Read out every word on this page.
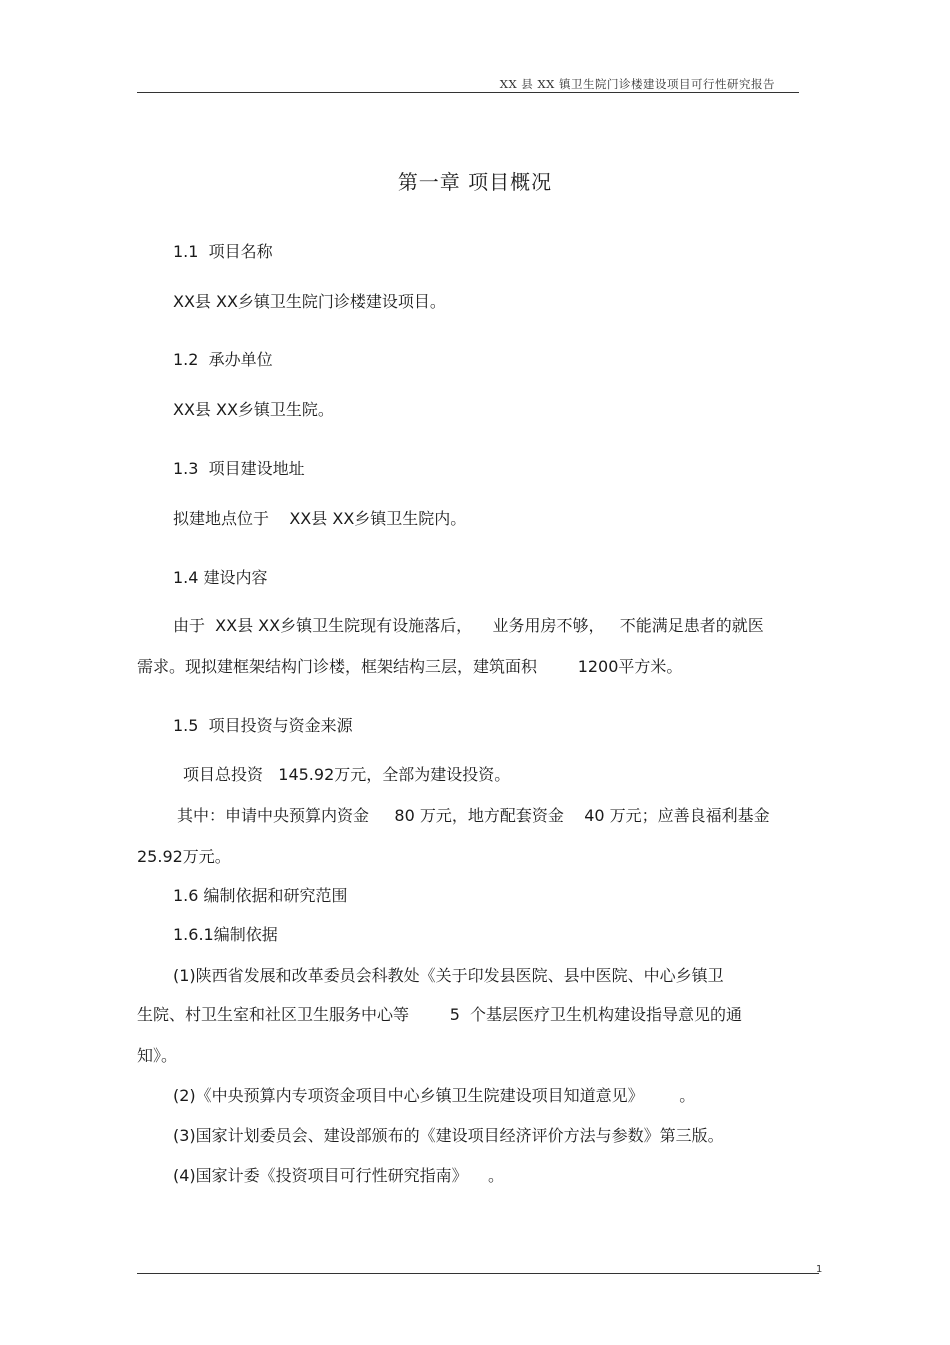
XX 县 XX 镇卫生院门诊楼建设项目可行性研究报告
第一章 项目概况

1.1  项目名称

XX县 XX乡镇卫生院门诊楼建设项目。

1.2  承办单位

XX县 XX乡镇卫生院。

1.3  项目建设地址

拟建地点位于    XX县 XX乡镇卫生院内。

1.4 建设内容

由于  XX县 XX乡镇卫生院现有设施落后，    业务用房不够，   不能满足患者的就医

需求。现拟建框架结构门诊楼，框架结构三层，建筑面积        1200平方米。

1.5  项目投资与资金来源

项目总投资   145.92万元，全部为建设投资。

其中：申请中央预算内资金     80 万元，地方配套资金    40 万元；应善良福利基金

25.92万元。

1.6 编制依据和研究范围

1.6.1编制依据

(1)陕西省发展和改革委员会科教处《关于印发县医院、县中医院、中心乡镇卫

生院、村卫生室和社区卫生服务中心等        5  个基层医疗卫生机构建设指导意见的通

知》。

(2)《中央预算内专项资金项目中心乡镇卫生院建设项目知道意见》       。

(3)国家计划委员会、建设部颁布的《建设项目经济评价方法与参数》第三版。

(4)国家计委《投资项目可行性研究指南》    。

1
